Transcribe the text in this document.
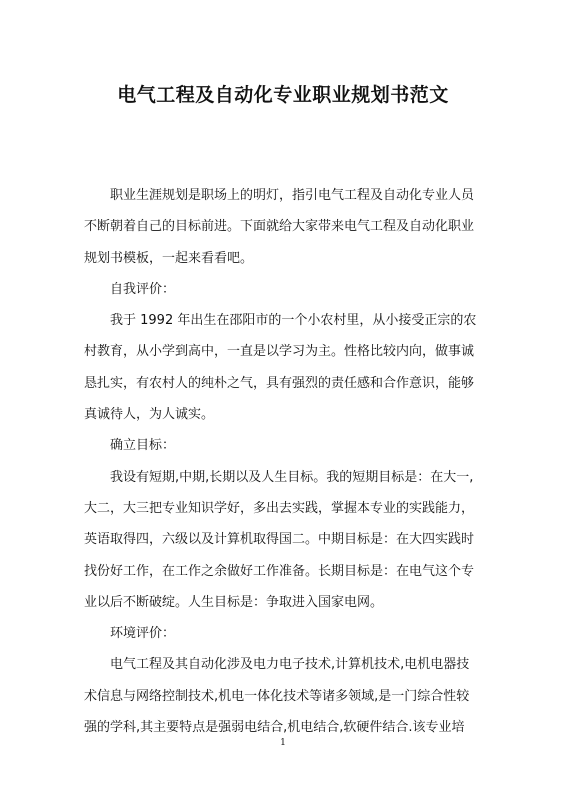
电气工程及自动化专业职业规划书范文
职业生涯规划是职场上的明灯，指引电气工程及自动化专业人员
不断朝着自己的目标前进。下面就给大家带来电气工程及自动化职业
规划书模板，一起来看看吧。
自我评价：
我于 1992 年出生在邵阳市的一个小农村里，从小接受正宗的农
村教育，从小学到高中，一直是以学习为主。性格比较内向，做事诚
恳扎实，有农村人的纯朴之气，具有强烈的责任感和合作意识，能够
真诚待人，为人诚实。
确立目标：
我设有短期,中期,长期以及人生目标。我的短期目标是：在大一,
大二，大三把专业知识学好，多出去实践，掌握本专业的实践能力，
英语取得四，六级以及计算机取得国二。中期目标是：在大四实践时
找份好工作，在工作之余做好工作准备。长期目标是：在电气这个专
业以后不断破绽。人生目标是：争取进入国家电网。
环境评价：
电气工程及其自动化涉及电力电子技术,计算机技术,电机电器技
术信息与网络控制技术,机电一体化技术等诸多领域,是一门综合性较
强的学科,其主要特点是强弱电结合,机电结合,软硬件结合.该专业培
1
